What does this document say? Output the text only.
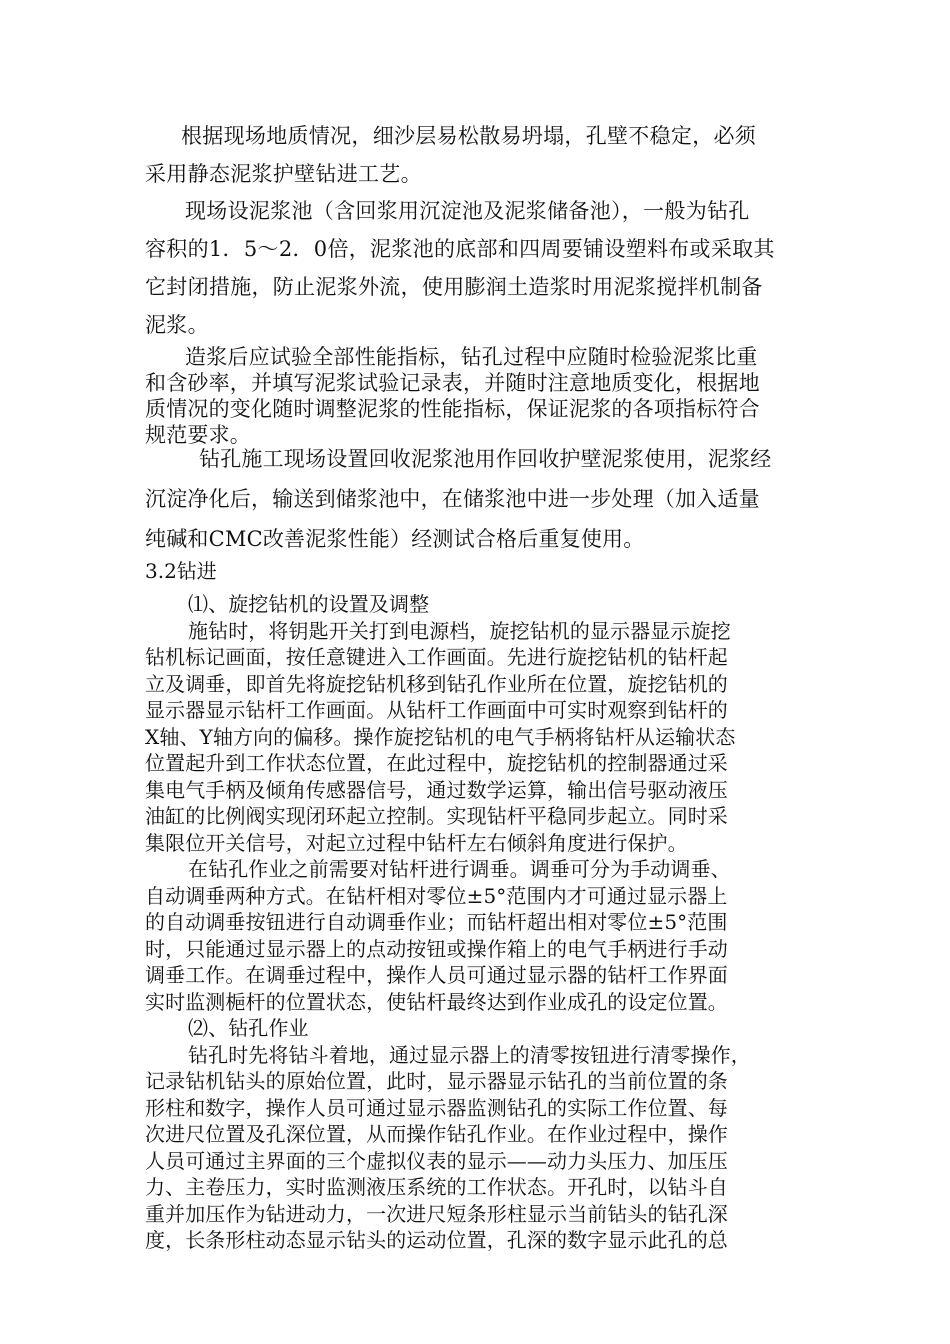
根据现场地质情况，细沙层易松散易坍塌，孔壁不稳定，必须
采用静态泥浆护壁钻进工艺。
现场设泥浆池（含回浆用沉淀池及泥浆储备池），一般为钻孔
容积的1．5～2．0倍，泥浆池的底部和四周要铺设塑料布或采取其
它封闭措施，防止泥浆外流，使用膨润土造浆时用泥浆搅拌机制备
泥浆。
造浆后应试验全部性能指标，钻孔过程中应随时检验泥浆比重
和含砂率，并填写泥浆试验记录表，并随时注意地质变化，根据地
质情况的变化随时调整泥浆的性能指标，保证泥浆的各项指标符合
规范要求。
钻孔施工现场设置回收泥浆池用作回收护壁泥浆使用，泥浆经
沉淀净化后，输送到储浆池中，在储浆池中进一步处理（加入适量
纯碱和CMC改善泥浆性能）经测试合格后重复使用。
3.2钻进
⑴、旋挖钻机的设置及调整
施钻时，将钥匙开关打到电源档，旋挖钻机的显示器显示旋挖
钻机标记画面，按任意键进入工作画面。先进行旋挖钻机的钻杆起
立及调垂，即首先将旋挖钻机移到钻孔作业所在位置，旋挖钻机的
显示器显示钻杆工作画面。从钻杆工作画面中可实时观察到钻杆的
X轴、Y轴方向的偏移。操作旋挖钻机的电气手柄将钻杆从运输状态
位置起升到工作状态位置，在此过程中，旋挖钻机的控制器通过采
集电气手柄及倾角传感器信号，通过数学运算，输出信号驱动液压
油缸的比例阀实现闭环起立控制。实现钻杆平稳同步起立。同时采
集限位开关信号，对起立过程中钻杆左右倾斜角度进行保护。
在钻孔作业之前需要对钻杆进行调垂。调垂可分为手动调垂、
自动调垂两种方式。在钻杆相对零位±5°范围内才可通过显示器上
的自动调垂按钮进行自动调垂作业；而钻杆超出相对零位±5°范围
时，只能通过显示器上的点动按钮或操作箱上的电气手柄进行手动
调垂工作。在调垂过程中，操作人员可通过显示器的钻杆工作界面
实时监测梔杆的位置状态，使钻杆最终达到作业成孔的设定位置。
⑵、钻孔作业
钻孔时先将钻斗着地，通过显示器上的清零按钮进行清零操作，
记录钻机钻头的原始位置，此时，显示器显示钻孔的当前位置的条
形柱和数字，操作人员可通过显示器监测钻孔的实际工作位置、每
次进尺位置及孔深位置，从而操作钻孔作业。在作业过程中，操作
人员可通过主界面的三个虚拟仪表的显示——动力头压力、加压压
力、主卷压力，实时监测液压系统的工作状态。开孔时，以钻斗自
重并加压作为钻进动力，一次进尺短条形柱显示当前钻头的钻孔深
度，长条形柱动态显示钻头的运动位置，孔深的数字显示此孔的总
